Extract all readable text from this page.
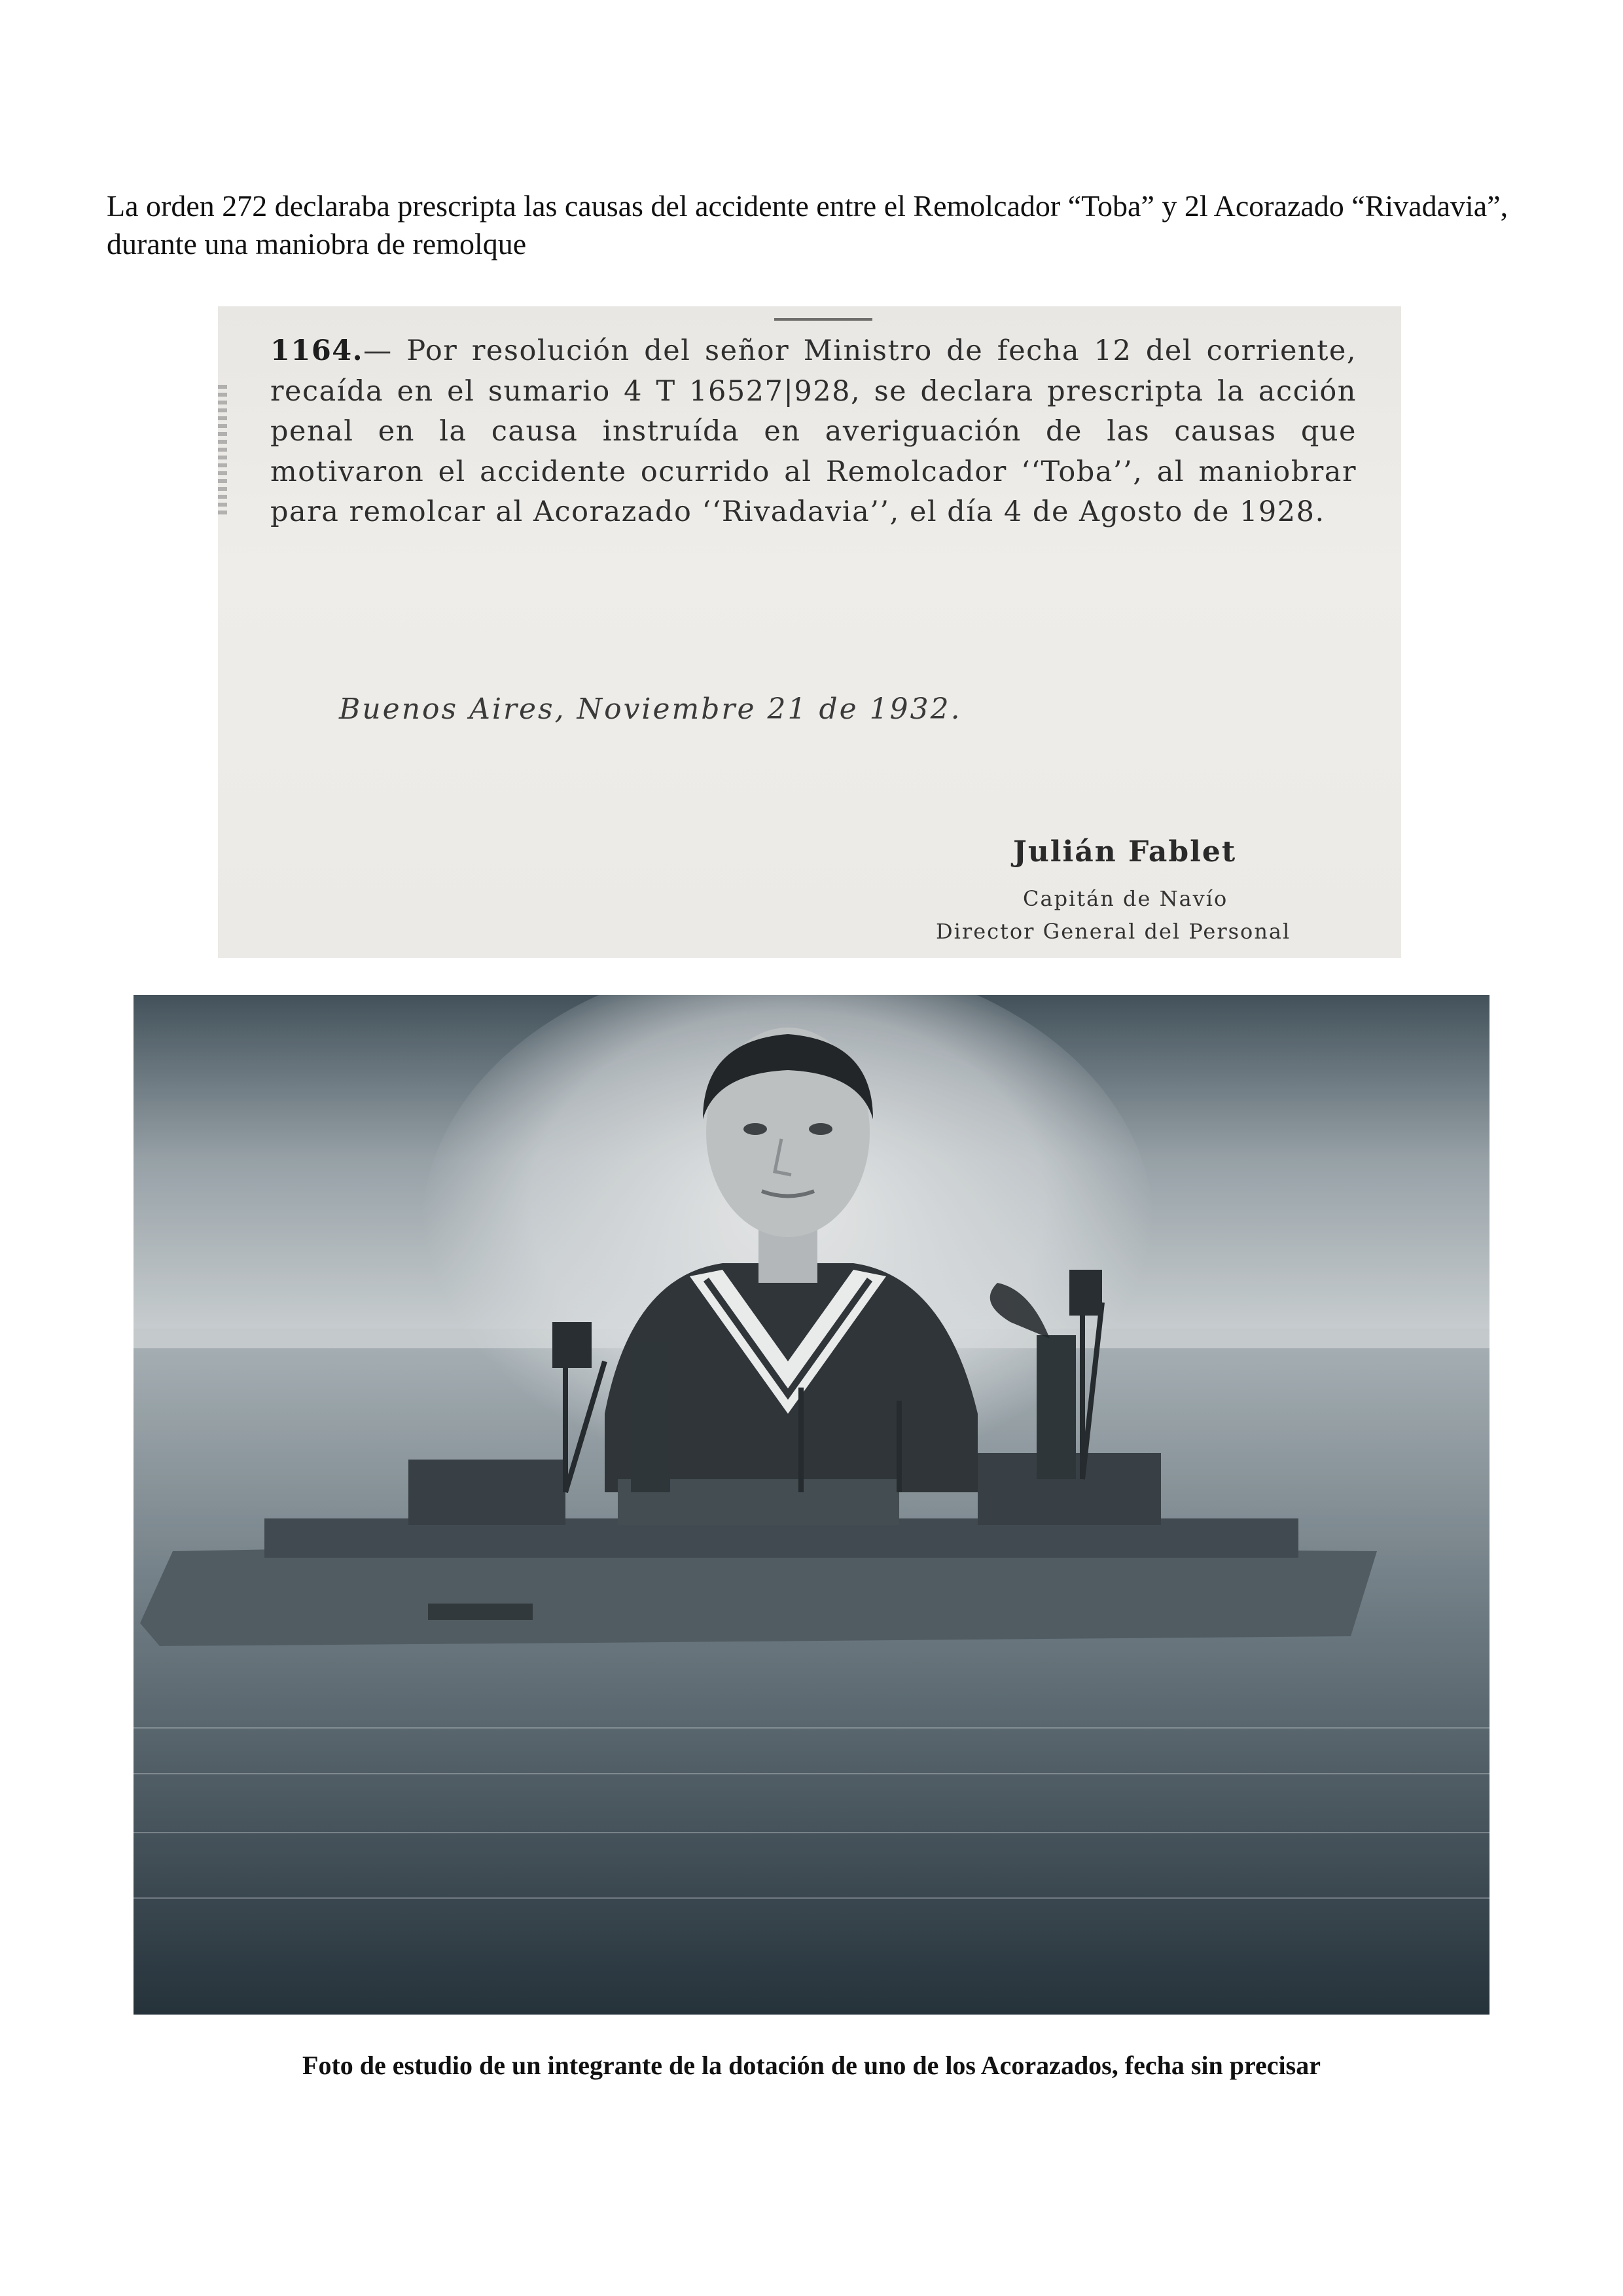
La orden 272 declaraba prescripta las causas del accidente entre el Remolcador “Toba” y 2l Acorazado “Rivadavia”, durante una maniobra de remolque

1164.— Por resolución del señor Ministro de fecha 12 del corriente, recaída en el sumario 4 T 16527|928, se declara prescripta la acción penal en la causa instruída en averiguación de las causas que motivaron el accidente ocurrido al Remolcador ‘‘Toba’’, al maniobrar para remolcar al Acorazado ‘‘Rivadavia’’, el día 4 de Agosto de 1928.

Buenos Aires, Noviembre 21 de 1932.
Julián Fablet
Capitán de Navío
Director General del Personal
Foto de estudio de un integrante de la dotación de uno de los Acorazados, fecha sin precisar
